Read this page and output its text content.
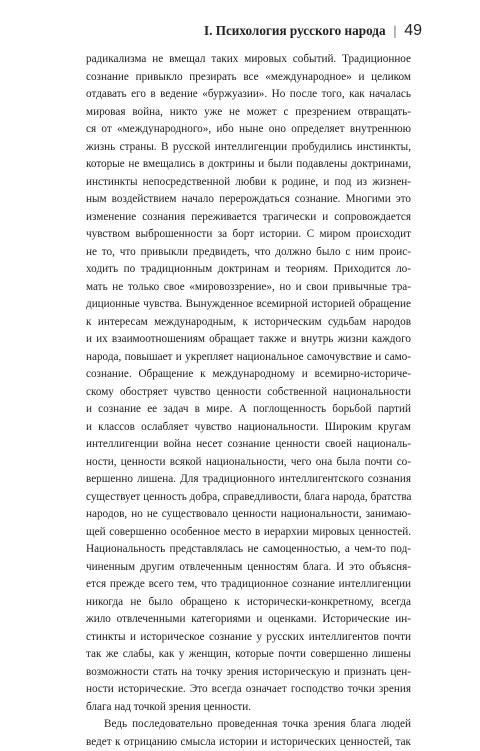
I. Психология русского народа | 49
радикализма не вмещал таких мировых событий. Традиционное
сознание привыкло презирать все «международное» и целиком
отдавать его в ведение «буржуазии». Но после того, как началась
мировая война, никто уже не может с презрением отвращать-
ся от «международного», ибо ныне оно определяет внутреннюю
жизнь страны. В русской интеллигенции пробудились инстинкты,
которые не вмещались в доктрины и были подавлены доктринами,
инстинкты непосредственной любви к родине, и под из жизнен-
ным воздействием начало перерождаться сознание. Многими это
изменение сознания переживается трагически и сопровождается
чувством выброшенности за борт истории. С миром происходит
не то, что привыкли предвидеть, что должно было с ним проис-
ходить по традиционным доктринам и теориям. Приходится ло-
мать не только свое «мировоззрение», но и свои привычные тра-
диционные чувства. Вынужденное всемирной историей обращение
к интересам международным, к историческим судьбам народов
и их взаимоотношениям обращает также и внутрь жизни каждого
народа, повышает и укрепляет национальное самочувствие и само-
сознание. Обращение к международному и всемирно-историче-
скому обостряет чувство ценности собственной национальности
и сознание ее задач в мире. А поглощенность борьбой партий
и классов ослабляет чувство национальности. Широким кругам
интеллигенции война несет сознание ценности своей националь-
ности, ценности всякой национальности, чего она была почти со-
вершенно лишена. Для традиционного интеллигентского сознания
существует ценность добра, справедливости, блага народа, братства
народов, но не существовало ценности национальности, занимаю-
щей совершенно особенное место в иерархии мировых ценностей.
Национальность представлялась не самоценностью, а чем-то под-
чиненным другим отвлеченным ценностям блага. И это объясня-
ется прежде всего тем, что традиционное сознание интеллигенции
никогда не было обращено к исторически-конкретному, всегда
жило отвлеченными категориями и оценками. Исторические ин-
стинкты и историческое сознание у русских интеллигентов почти
так же слабы, как у женщин, которые почти совершенно лишены
возможности стать на точку зрения историческую и признать цен-
ности исторические. Это всегда означает господство точки зрения
блага над точкой зрения ценности.
Ведь последовательно проведенная точка зрения блага людей
ведет к отрицанию смысла истории и исторических ценностей, так
